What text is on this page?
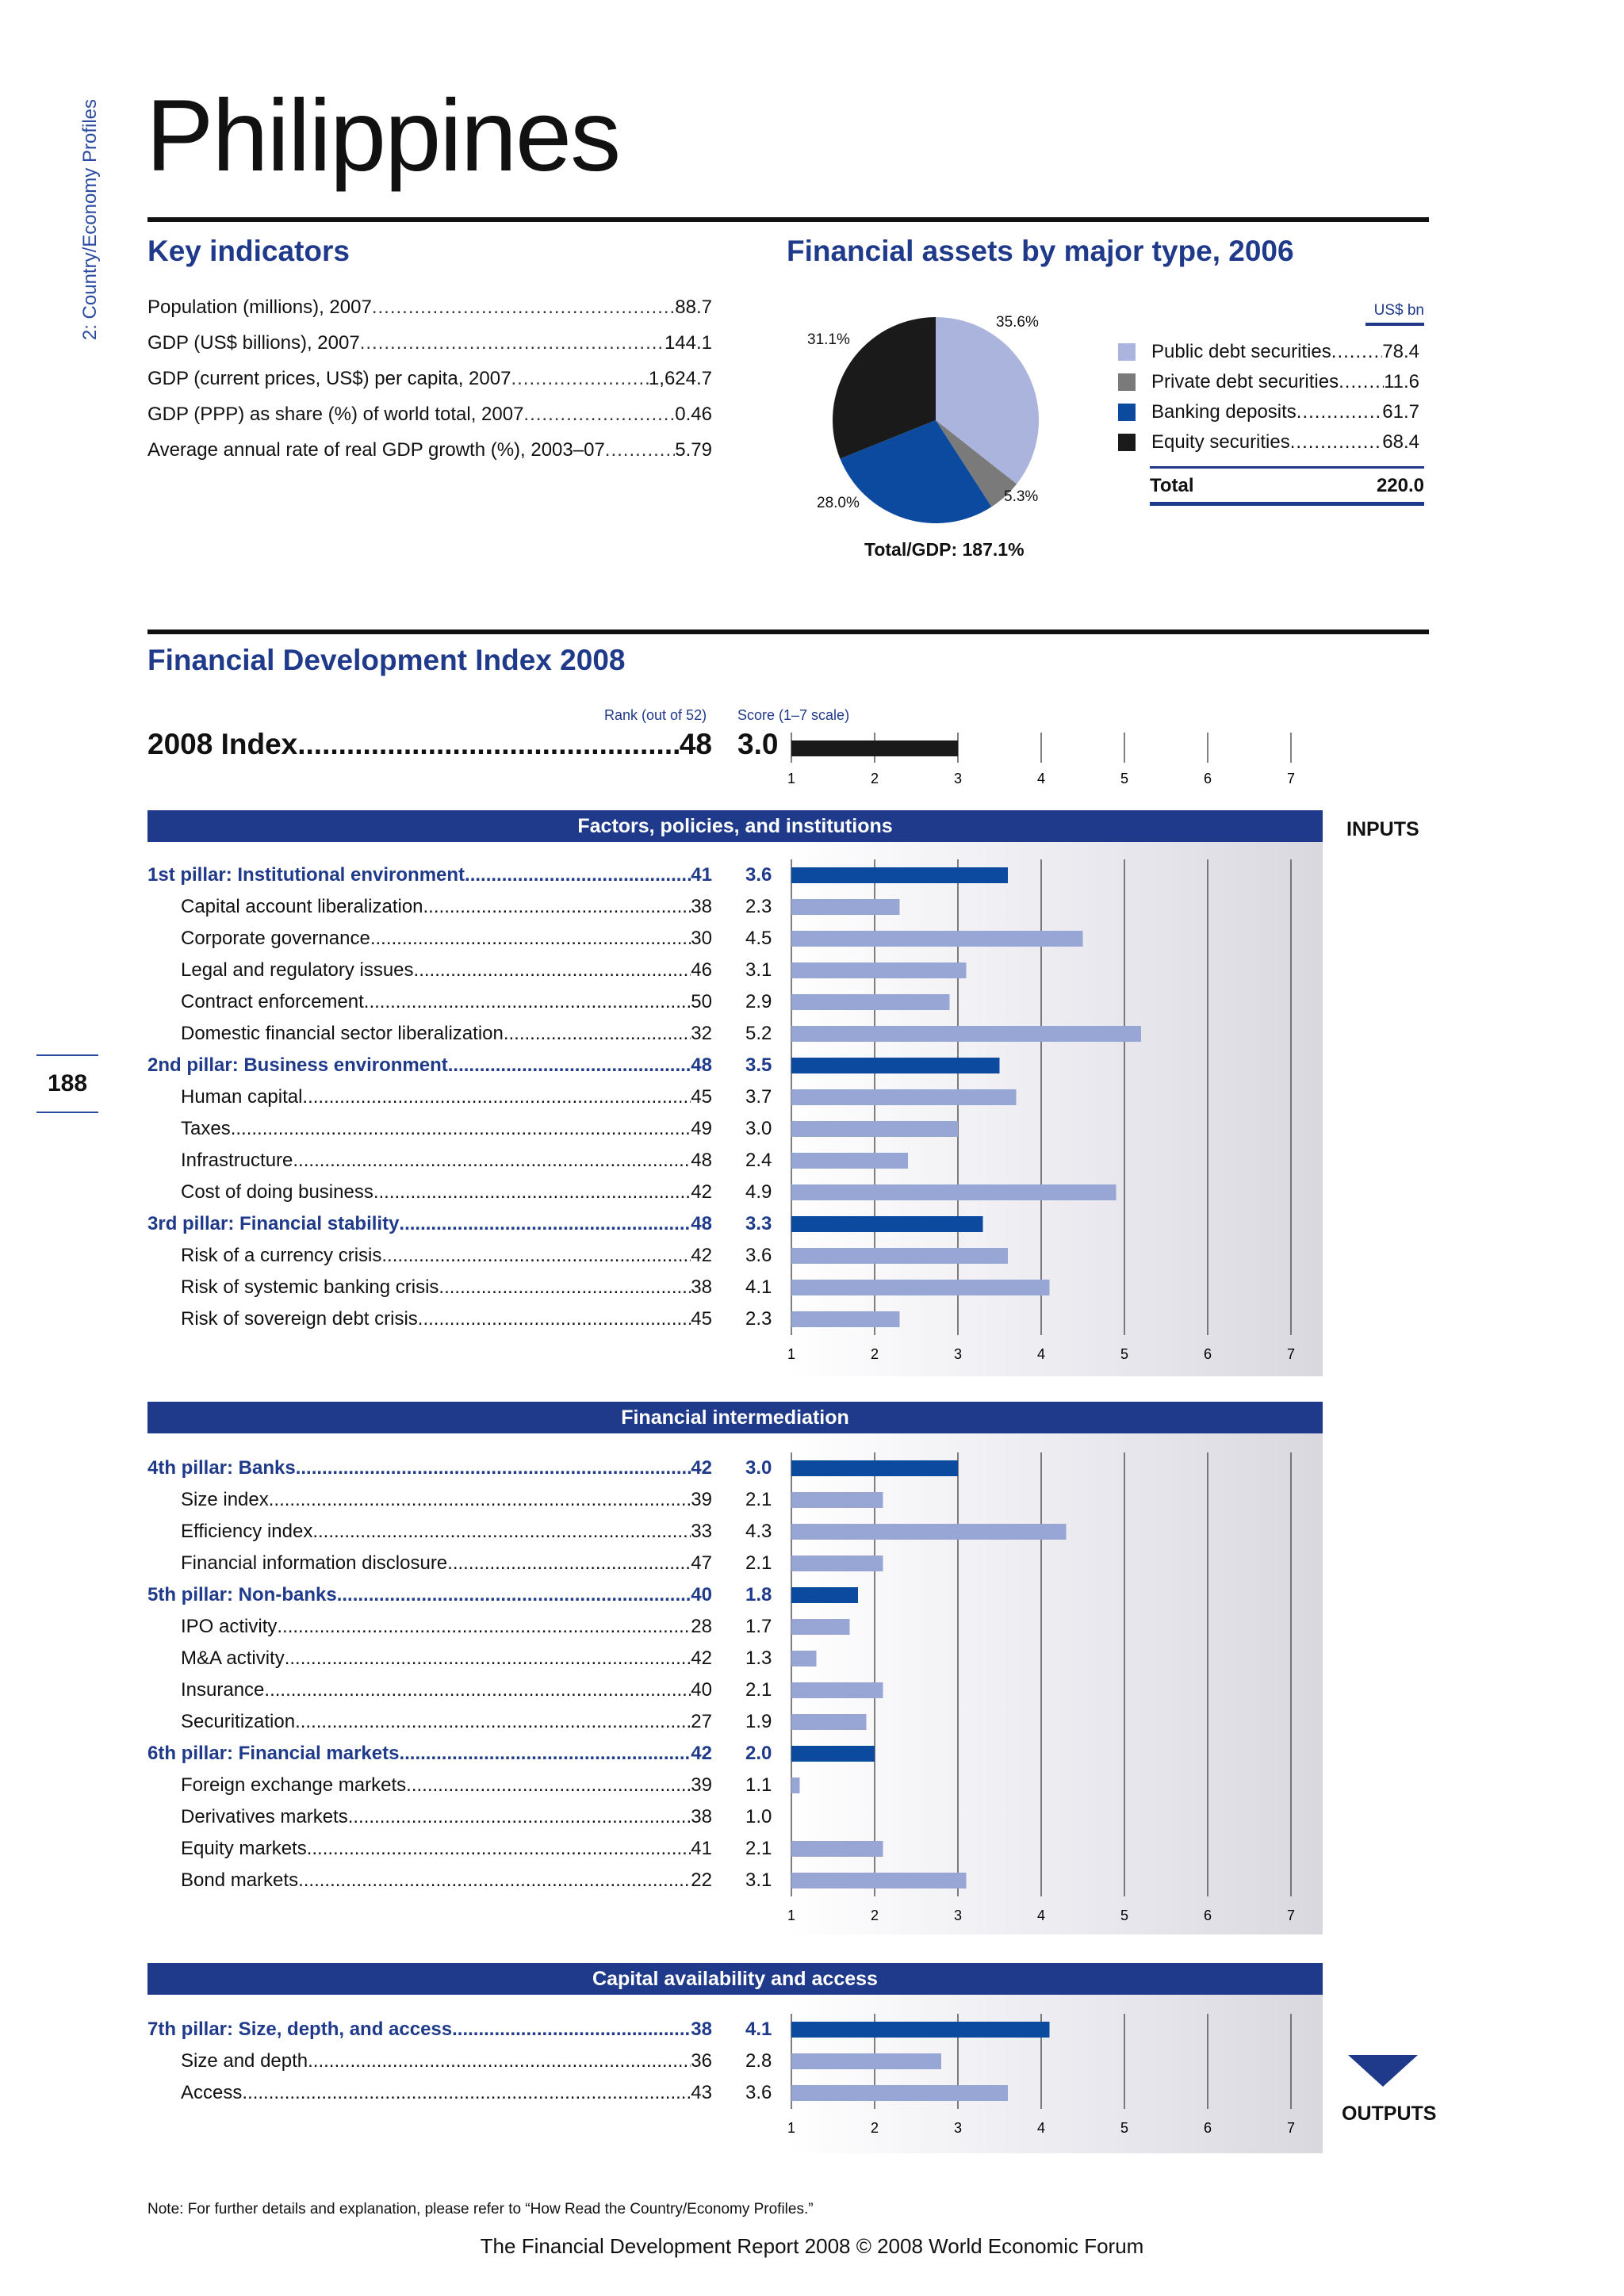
2: Country/Economy Profiles
188
Philippines
Key indicators
Population (millions), 2007 .....	88.7
GDP (US$ billions), 2007 .....	144.1
GDP (current prices, US$) per capita, 2007 .....	1,624.7
GDP (PPP) as share (%) of world total, 2007 .....	0.46
Average annual rate of real GDP growth (%), 2003–07 .....	5.79
Financial assets by major type, 2006
35.6%
5.3%
28.0%
31.1%
Total/GDP: 187.1%
US$ bn
Public debt securities .....	78.4
Private debt securities ..... 11.6
Banking deposits .....	61.7
Equity securities .....	68.4
Total	220.0
Financial Development Index 2008
Rank (out of 52) Score (1–7 scale)
2008 Index .....	48 3.0
1	2	3	4	5	6	7
Factors, policies, and institutions
1	2	3	4	5	6	7
1st pillar: Institutional environment .....	41 3.6
Capital account liberalization .....	38 2.3
Corporate governance .....	30 4.5
Legal and regulatory issues .....	46 3.1
Contract enforcement .....	50 2.9
Domestic financial sector liberalization .....	32 5.2
2nd pillar: Business environment .....	48 3.5
Human capital .....	45 3.7
Taxes .....	49 3.0
Infrastructure .....	48 2.4
Cost of doing business .....	42 4.9
3rd pillar: Financial stability .....	48 3.3
Risk of a currency crisis .....	42 3.6
Risk of systemic banking crisis .....	38 4.1
Risk of sovereign debt crisis .....	45 2.3
Financial intermediation
1	2	3	4	5	6	7
4th pillar: Banks .....	42 3.0
Size index .....	39 2.1
Efficiency index .....	33 4.3
Financial information disclosure .....	47 2.1
5th pillar: Non-banks .....	40 1.8
IPO activity .....	28 1.7
M&A activity .....	42 1.3
Insurance .....	40 2.1
Securitization .....	27 1.9
6th pillar: Financial markets .....	42 2.0
Foreign exchange markets .....	39 1.1
Derivatives markets .....	38 1.0
Equity markets .....	41 2.1
Bond markets .....	22 3.1
Capital availability and access
1	2	3	4	5	6	7
7th pillar: Size, depth, and access .....	38 4.1
Size and depth .....	36 2.8
Access .....	43 3.6
INPUTS
OUTPUTS
Note: For further details and explanation, please refer to “How Read the Country/Economy Profiles.”
The Financial Development Report 2008 © 2008 World Economic Forum
